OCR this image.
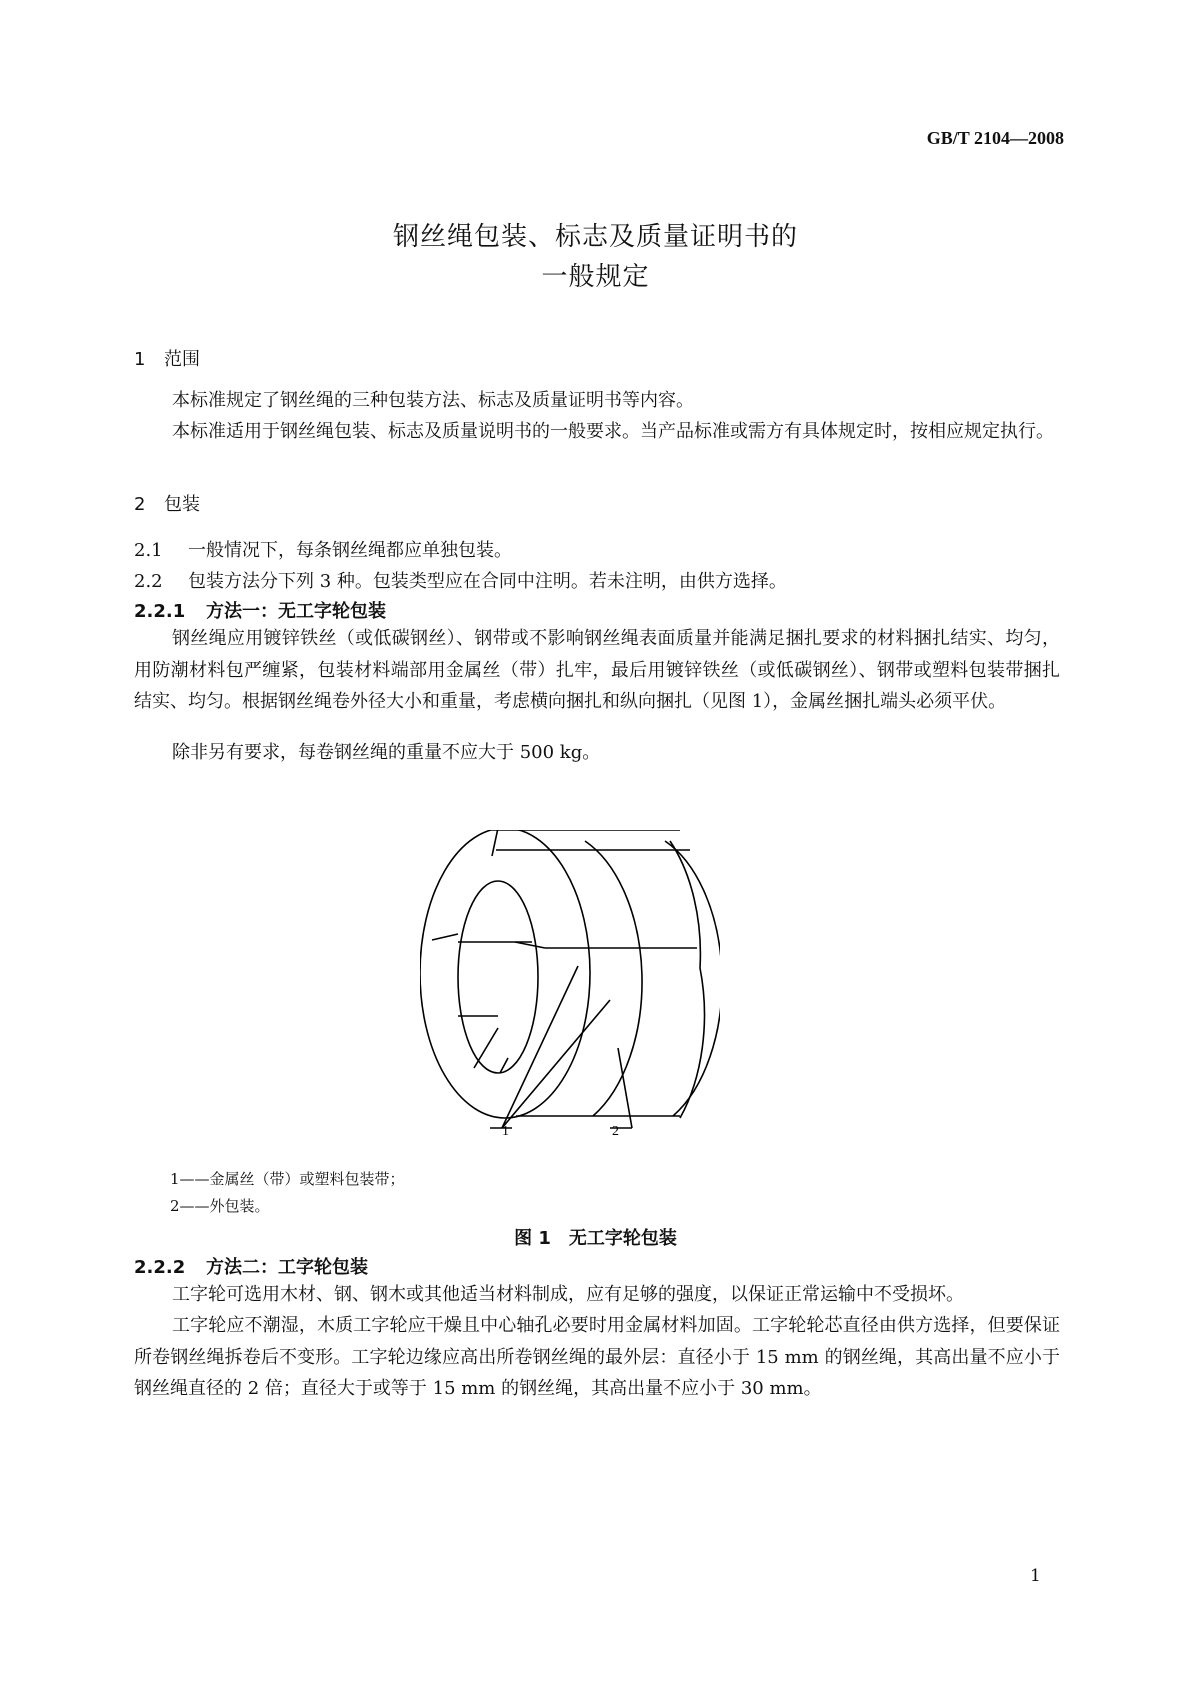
GB/T 2104—2008
钢丝绳包装、标志及质量证明书的
一般规定
1 范围
本标准规定了钢丝绳的三种包装方法、标志及质量证明书等内容。
本标准适用于钢丝绳包装、标志及质量说明书的一般要求。当产品标准或需方有具体规定时，按相应规定执行。
2 包装
2.1 一般情况下，每条钢丝绳都应单独包装。
2.2 包装方法分下列 3 种。包装类型应在合同中注明。若未注明，由供方选择。
2.2.1 方法一：无工字轮包装
钢丝绳应用镀锌铁丝（或低碳钢丝）、钢带或不影响钢丝绳表面质量并能满足捆扎要求的材料捆扎结实、均匀，用防潮材料包严缠紧，包装材料端部用金属丝（带）扎牢，最后用镀锌铁丝（或低碳钢丝）、钢带或塑料包装带捆扎结实、均匀。根据钢丝绳卷外径大小和重量，考虑横向捆扎和纵向捆扎（见图 1），金属丝捆扎端头必须平伏。
除非另有要求，每卷钢丝绳的重量不应大于 500 kg。
1	2
1——金属丝（带）或塑料包装带；
2——外包装。
图 1　无工字轮包装
2.2.2 方法二：工字轮包装
工字轮可选用木材、钢、钢木或其他适当材料制成，应有足够的强度，以保证正常运输中不受损坏。
工字轮应不潮湿，木质工字轮应干燥且中心轴孔必要时用金属材料加固。工字轮轮芯直径由供方选择，但要保证所卷钢丝绳拆卷后不变形。工字轮边缘应高出所卷钢丝绳的最外层：直径小于 15 mm 的钢丝绳，其高出量不应小于钢丝绳直径的 2 倍；直径大于或等于 15 mm 的钢丝绳，其高出量不应小于 30 mm。
1
